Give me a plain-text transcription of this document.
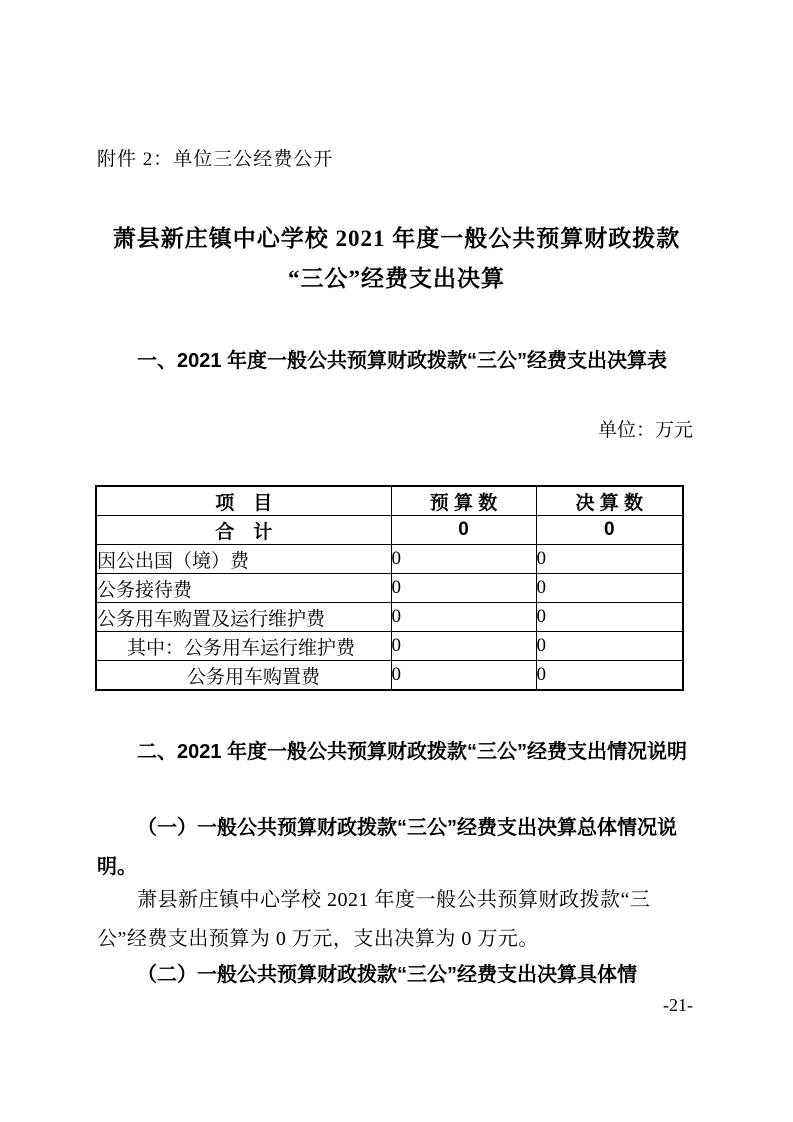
附件 2：单位三公经费公开
萧县新庄镇中心学校 2021 年度一般公共预算财政拨款
“三公”经费支出决算
一、2021 年度一般公共预算财政拨款“三公”经费支出决算表
单位：万元
项　目	预 算 数	决 算 数
合　计	0	0
因公出国（境）费	0	0
公务接待费	0	0
公务用车购置及运行维护费	0	0
其中：公务用车运行维护费	0	0
公务用车购置费	0	0
二、2021 年度一般公共预算财政拨款“三公”经费支出情况说明
（一）一般公共预算财政拨款“三公”经费支出决算总体情况说明。
萧县新庄镇中心学校 2021 年度一般公共预算财政拨款“三公”经费支出预算为 0 万元，支出决算为 0 万元。
（二）一般公共预算财政拨款“三公”经费支出决算具体情
-21-
